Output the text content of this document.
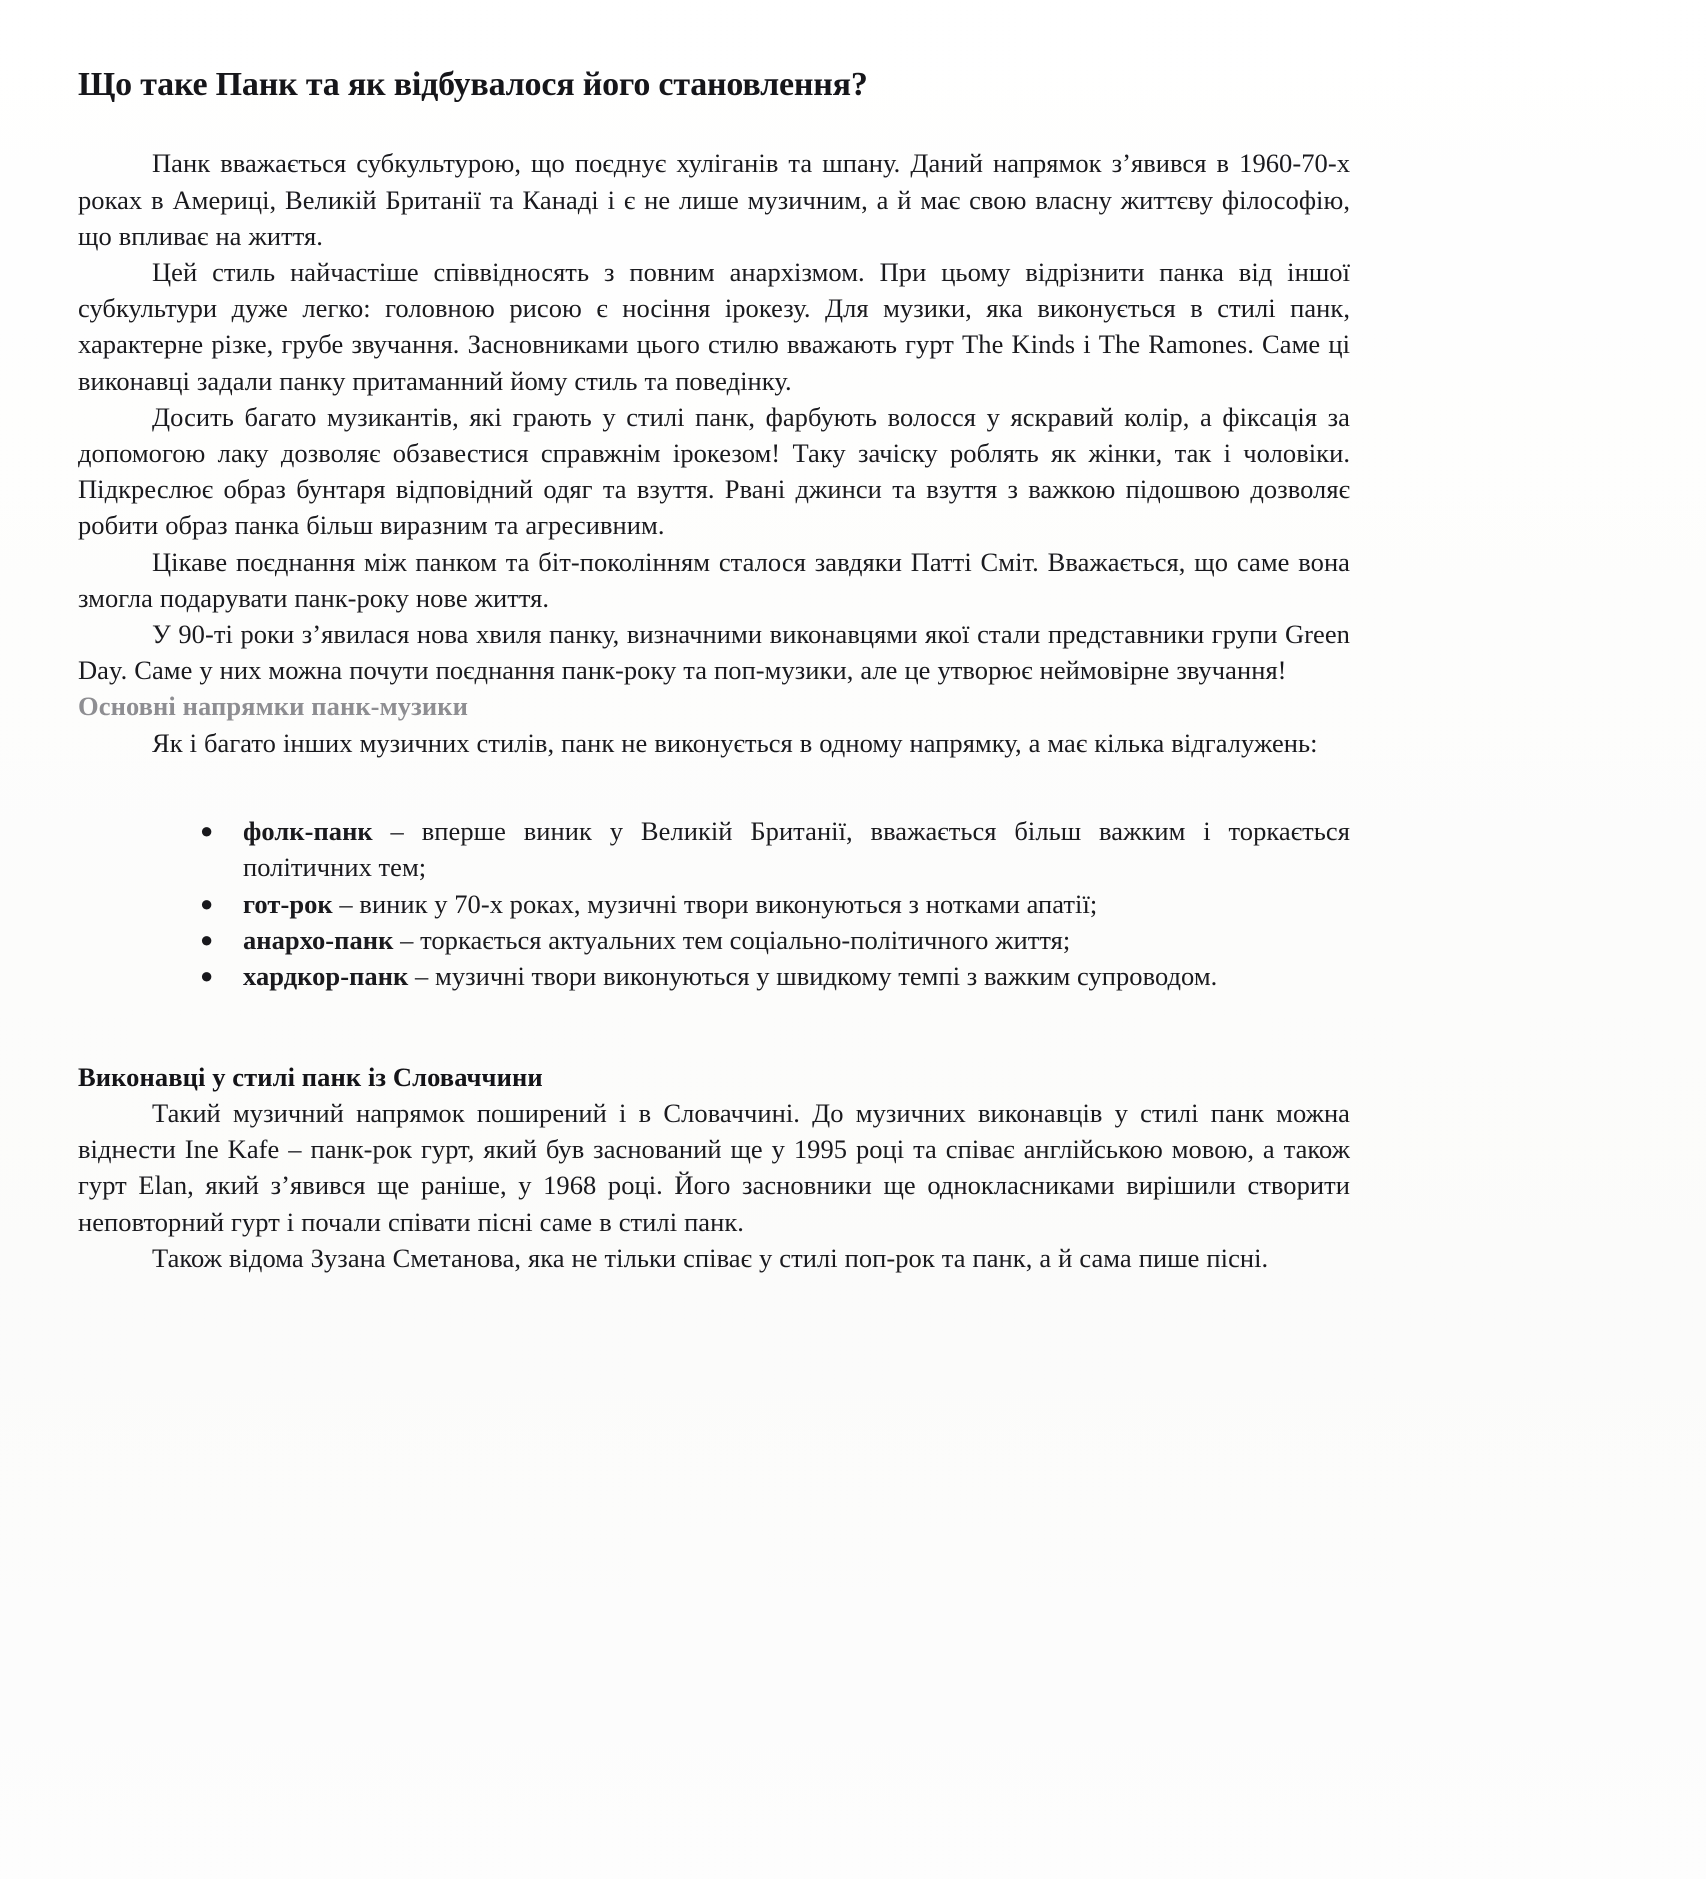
Що таке Панк та як відбувалося його становлення?

Панк вважається субкультурою, що поєднує хуліганів та шпану. Даний напрямок з’явився в 1960-70-х роках в Америці, Великій Британії та Канаді і є не лише музичним, а й має свою власну життєву філософію, що впливає на життя.

Цей стиль найчастіше співвідносять з повним анархізмом. При цьому відрізнити панка від іншої субкультури дуже легко: головною рисою є носіння ірокезу. Для музики, яка виконується в стилі панк, характерне різке, грубе звучання. Засновниками цього стилю вважають гурт The Kinds і The Ramones. Саме ці виконавці задали панку притаманний йому стиль та поведінку.

Досить багато музикантів, які грають у стилі панк, фарбують волосся у яскравий колір, а фіксація за допомогою лаку дозволяє обзавестися справжнім ірокезом! Таку зачіску роблять як жінки, так і чоловіки. Підкреслює образ бунтаря відповідний одяг та взуття. Рвані джинси та взуття з важкою підошвою дозволяє робити образ панка більш виразним та агресивним.

Цікаве поєднання між панком та біт-поколінням сталося завдяки Патті Сміт. Вважається, що саме вона змогла подарувати панк-року нове життя.

У 90-ті роки з’явилася нова хвиля панку, визначними виконавцями якої стали представники групи Green Day. Саме у них можна почути поєднання панк-року та поп-музики, але це утворює неймовірне звучання!

Основні напрямки панк-музики

Як і багато інших музичних стилів, панк не виконується в одному напрямку, а має кілька відгалужень:

● фолк-панк – вперше виник у Великій Британії, вважається більш важким і торкається політичних тем;
● гот-рок – виник у 70-х роках, музичні твори виконуються з нотками апатії;
● анархо-панк – торкається актуальних тем соціально-політичного життя;
● хардкор-панк – музичні твори виконуються у швидкому темпі з важким супроводом.
Виконавці у стилі панк із Словаччини

Такий музичний напрямок поширений і в Словаччині. До музичних виконавців у стилі панк можна віднести Ine Kafe – панк-рок гурт, який був заснований ще у 1995 році та співає англійською мовою, а також гурт Elan, який з’явився ще раніше, у 1968 році. Його засновники ще однокласниками вирішили створити неповторний гурт і почали співати пісні саме в стилі панк.

Також відома Зузана Сметанова, яка не тільки співає у стилі поп-рок та панк, а й сама пише пісні.
